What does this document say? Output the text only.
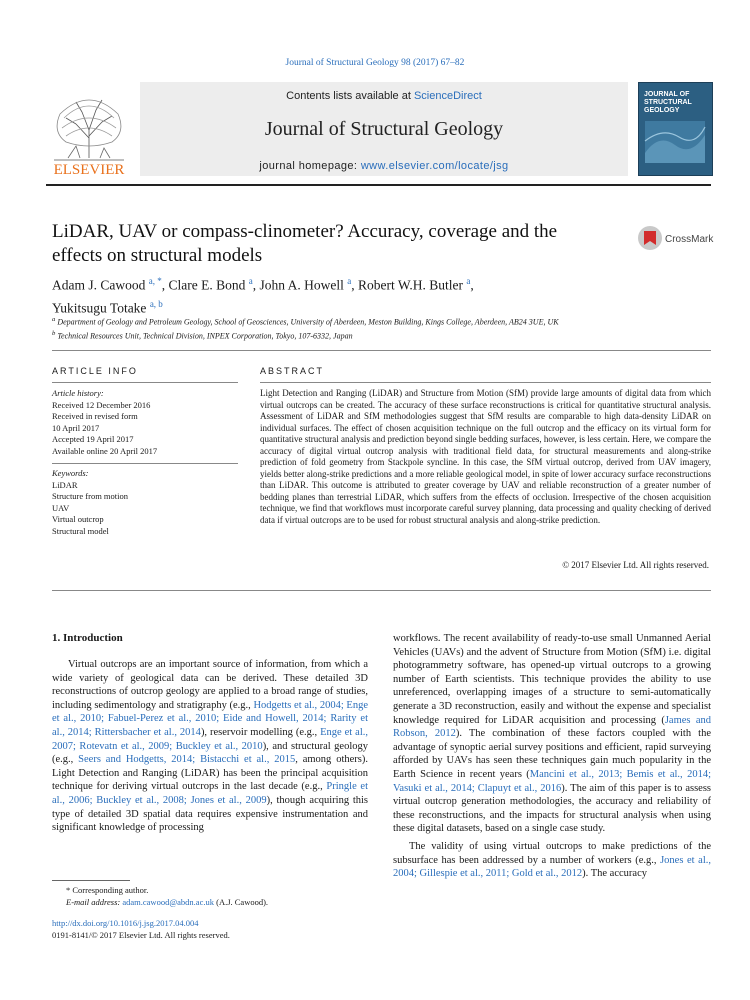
Journal of Structural Geology 98 (2017) 67–82
ELSEVIER
Contents lists available at ScienceDirect
Journal of Structural Geology
journal homepage: www.elsevier.com/locate/jsg
JOURNAL OF STRUCTURAL GEOLOGY
LiDAR, UAV or compass-clinometer? Accuracy, coverage and the effects on structural models
CrossMark
Adam J. Cawood $^{a, *}$, Clare E. Bond $^a$, John A. Howell $^a$, Robert W.H. Butler $^a$,
Yukitsugu Totake $^{a, b}$
$^a$ Department of Geology and Petroleum Geology, School of Geosciences, University of Aberdeen, Meston Building, Kings College, Aberdeen, AB24 3UE, UK
$^b$ Technical Resources Unit, Technical Division, INPEX Corporation, Tokyo, 107-6332, Japan
ARTICLE INFO
Article history:
Received 12 December 2016
Received in revised form
10 April 2017
Accepted 19 April 2017
Available online 20 April 2017
Keywords:
LiDAR
Structure from motion
UAV
Virtual outcrop
Structural model
ABSTRACT
Light Detection and Ranging (LiDAR) and Structure from Motion (SfM) provide large amounts of digital data from which virtual outcrops can be created. The accuracy of these surface reconstructions is critical for quantitative structural analysis. Assessment of LiDAR and SfM methodologies suggest that SfM results are comparable to high data-density LiDAR on individual surfaces. The effect of chosen acquisition technique on the full outcrop and the efficacy on its virtual form for quantitative structural analysis and prediction beyond single bedding surfaces, however, is less certain. Here, we compare the accuracy of digital virtual outcrop analysis with traditional field data, for structural measurements and along-strike prediction of fold geometry from Stackpole syncline. In this case, the SfM virtual outcrop, derived from UAV imagery, yields better along-strike predictions and a more reliable geological model, in spite of lower accuracy surface reconstructions than LiDAR. This outcome is attributed to greater coverage by UAV and reliable reconstruction of a greater number of bedding planes than terrestrial LiDAR, which suffers from the effects of occlusion. Irrespective of the chosen acquisition technique, we find that workflows must incorporate careful survey planning, data processing and quality checking of derived data if virtual outcrops are to be used for robust structural analysis and along-strike prediction.
© 2017 Elsevier Ltd. All rights reserved.
1. Introduction

Virtual outcrops are an important source of information, from which a wide variety of geological data can be derived. These detailed 3D reconstructions of outcrop geology are applied to a broad range of studies, including sedimentology and stratigraphy (e.g., Hodgetts et al., 2004; Enge et al., 2010; Fabuel-Perez et al., 2010; Eide and Howell, 2014; Rarity et al., 2014; Rittersbacher et al., 2014), reservoir modelling (e.g., Enge et al., 2007; Rotevatn et al., 2009; Buckley et al., 2010), and structural geology (e.g., Seers and Hodgetts, 2014; Bistacchi et al., 2015, among others). Light Detection and Ranging (LiDAR) has been the principal acquisition technique for deriving virtual outcrops in the last decade (e.g., Pringle et al., 2006; Buckley et al., 2008; Jones et al., 2009), though acquiring this type of detailed 3D spatial data requires expensive instrumentation and significant knowledge of processing

workflows. The recent availability of ready-to-use small Unmanned Aerial Vehicles (UAVs) and the advent of Structure from Motion (SfM) i.e. digital photogrammetry software, has opened-up virtual outcrops to a growing number of Earth scientists. This technique provides the ability to use unreferenced, overlapping images of a structure to semi-automatically generate a 3D reconstruction, easily and without the expense and specialist knowledge required for LiDAR acquisition and processing (James and Robson, 2012). The combination of these factors coupled with the advantage of synoptic aerial survey positions and efficient, rapid surveying afforded by UAVs has seen these techniques gain much popularity in the Earth Science in recent years (Mancini et al., 2013; Bemis et al., 2014; Vasuki et al., 2014; Clapuyt et al., 2016). The aim of this paper is to assess virtual outcrop generation methodologies, the accuracy and reliability of these reconstructions, and the impacts for structural analysis when using these digital datasets, based on a single case study.

The validity of using virtual outcrops to make predictions of the subsurface has been addressed by a number of workers (e.g., Jones et al., 2004; Gillespie et al., 2011; Gold et al., 2012). The accuracy

* Corresponding author.
E-mail address: adam.cawood@abdn.ac.uk (A.J. Cawood).
http://dx.doi.org/10.1016/j.jsg.2017.04.004
0191-8141/© 2017 Elsevier Ltd. All rights reserved.
